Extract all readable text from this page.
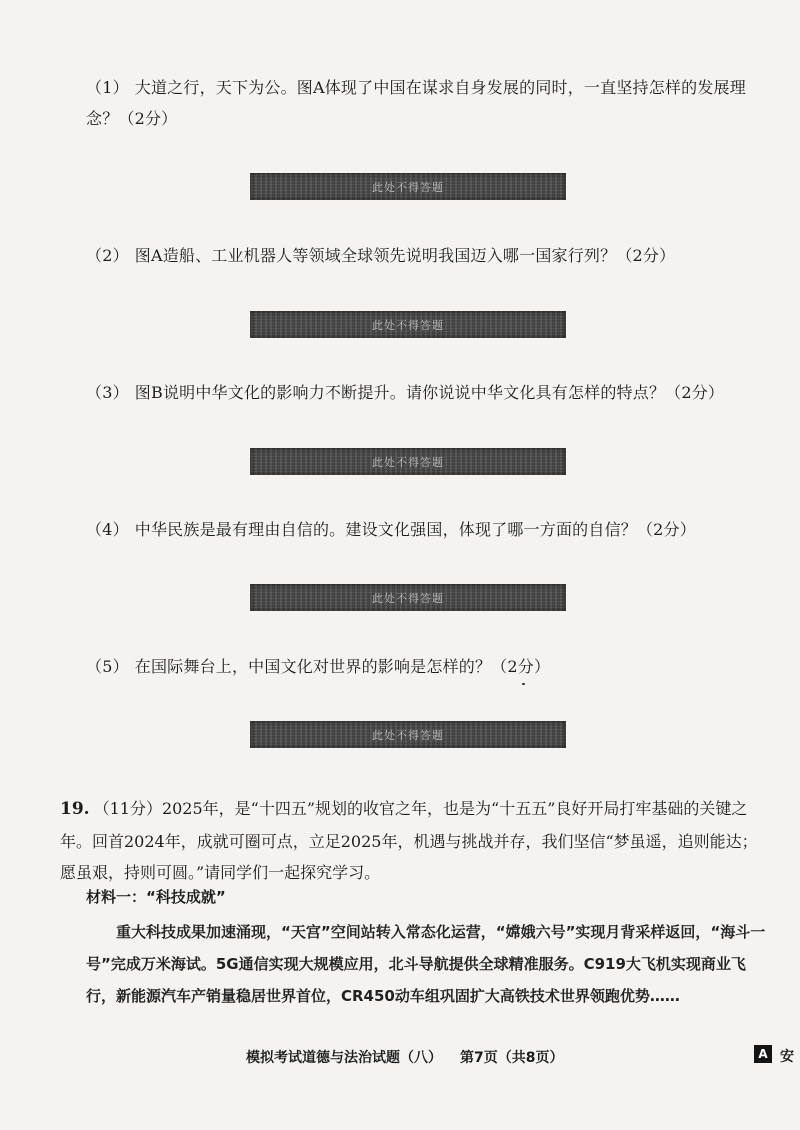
（1） 大道之行，天下为公。图A体现了中国在谋求自身发展的同时，一直坚持怎样的发展理念？（2分）
此处不得答题
（2） 图A造船、工业机器人等领域全球领先说明我国迈入哪一国家行列？（2分）
此处不得答题
（3） 图B说明中华文化的影响力不断提升。请你说说中华文化具有怎样的特点？（2分）
此处不得答题
（4） 中华民族是最有理由自信的。建设文化强国，体现了哪一方面的自信？（2分）
此处不得答题
（5） 在国际舞台上，中国文化对世界的影响是怎样的？（2分）
此处不得答题
19. （11分）2025年，是“十四五”规划的收官之年，也是为“十五五”良好开局打牢基础的关键之年。回首2024年，成就可圈可点，立足2025年，机遇与挑战并存，我们坚信“梦虽遥，追则能达；愿虽艰，持则可圆。”请同学们一起探究学习。
材料一：“科技成就”
重大科技成果加速涌现，“天宫”空间站转入常态化运营，“嫦娥六号”实现月背采样返回，“海斗一号”完成万米海试。5G通信实现大规模应用，北斗导航提供全球精准服务。C919大飞机实现商业飞行，新能源汽车产销量稳居世界首位，CR450动车组巩固扩大高铁技术世界领跑优势……
模拟考试道德与法治试题（八） 第7页（共8页）	A 安
